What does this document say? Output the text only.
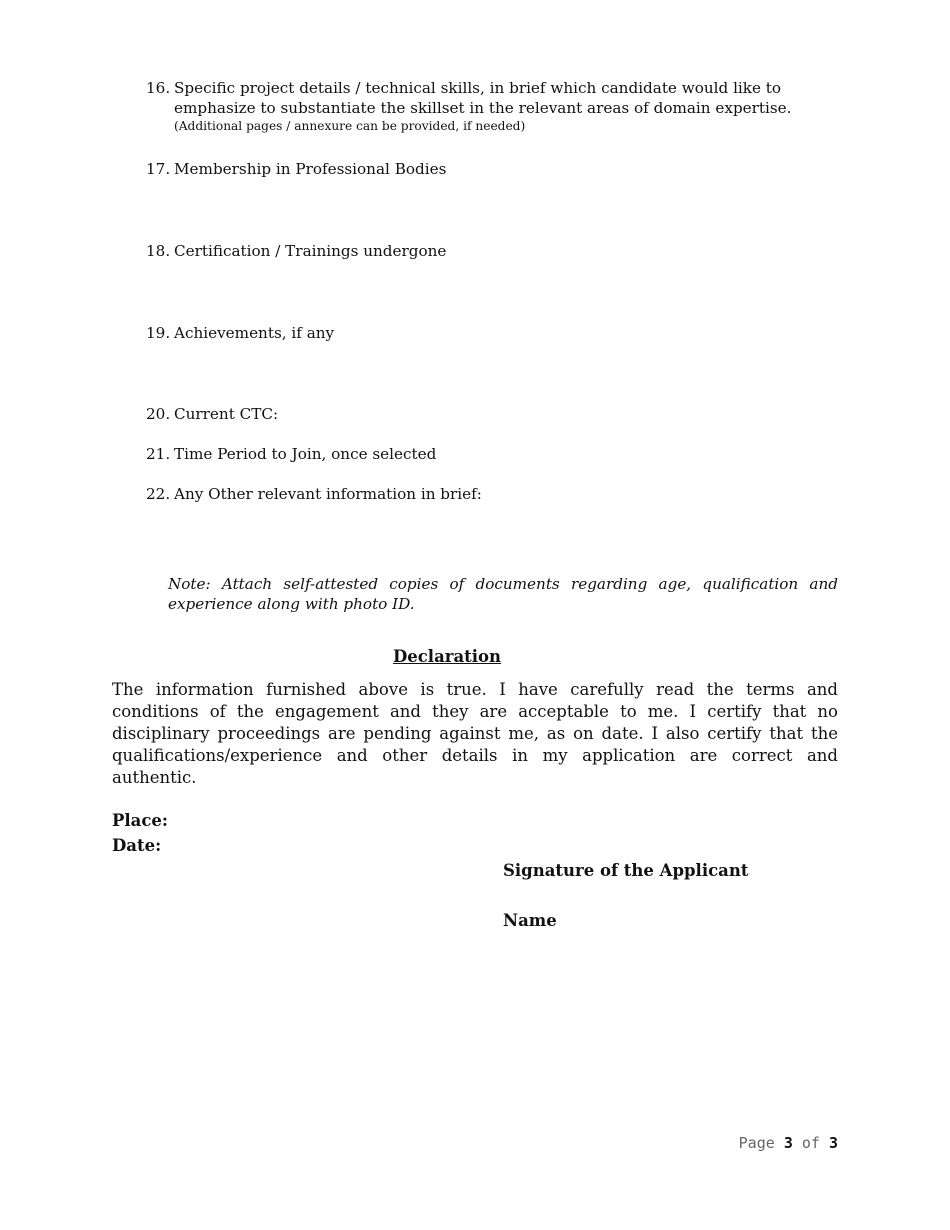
16. Specific project details / technical skills, in brief which candidate would like to
emphasize to substantiate the skillset in the relevant areas of domain expertise.
(Additional pages / annexure can be provided, if needed)
17. Membership in Professional Bodies
18. Certification / Trainings undergone
19. Achievements, if any
20. Current CTC:
21. Time Period to Join, once selected
22. Any Other relevant information in brief:
Note: Attach self-attested copies of documents regarding age, qualification and experience along with photo ID.
Declaration
The information furnished above is true. I have carefully read the terms and conditions of the engagement and they are acceptable to me. I certify that no disciplinary proceedings are pending against me, as on date. I also certify that the qualifications/experience and other details in my application are correct and authentic.
Place:
Date:
Signature of the Applicant
Name
Page 3 of 3
